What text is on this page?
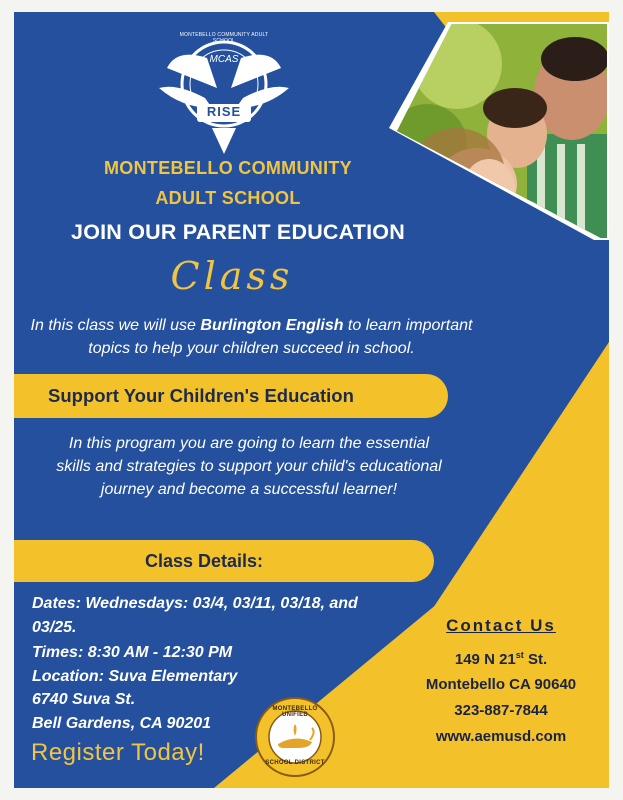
MCAS
RISE
MONTEBELLO COMMUNITY ADULT SCHOOL
MONTEBELLO COMMUNITY
ADULT SCHOOL
JOIN OUR PARENT EDUCATION
Class
In this class we will use Burlington English to learn important topics to help your children succeed in school.
Support Your Children's Education
In this program you are going to learn the essential
skills and strategies to support your child's educational
journey and become a successful learner!
Class Details:
Dates: Wednesdays: 03/4, 03/11, 03/18, and
03/25.
Times: 8:30 AM - 12:30 PM
Location: Suva Elementary
6740 Suva St.
Bell Gardens, CA 90201
Register Today!
MONTEBELLO UNIFIED
SCHOOL DISTRICT
Contact Us
149 N 21st St.
Montebello CA 90640
323-887-7844
www.aemusd.com
